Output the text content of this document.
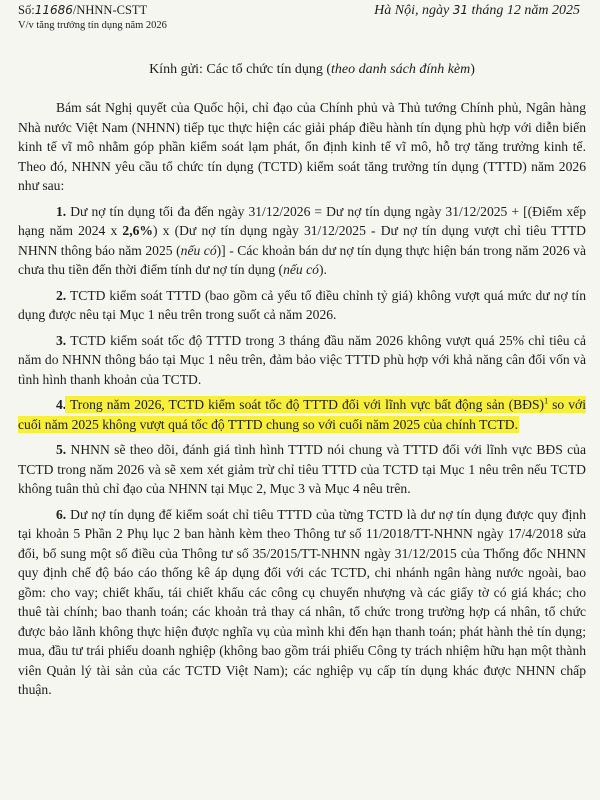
Số:11686/NHNN-CSTT
V/v tăng trưởng tín dụng năm 2026
Hà Nội, ngày 31 tháng 12 năm 2025
Kính gửi: Các tổ chức tín dụng (theo danh sách đính kèm)

Bám sát Nghị quyết của Quốc hội, chỉ đạo của Chính phủ và Thủ tướng Chính phủ, Ngân hàng Nhà nước Việt Nam (NHNN) tiếp tục thực hiện các giải pháp điều hành tín dụng phù hợp với diễn biến kinh tế vĩ mô nhằm góp phần kiểm soát lạm phát, ổn định kinh tế vĩ mô, hỗ trợ tăng trưởng kinh tế. Theo đó, NHNN yêu cầu tổ chức tín dụng (TCTD) kiểm soát tăng trưởng tín dụng (TTTD) năm 2026 như sau:

1. Dư nợ tín dụng tối đa đến ngày 31/12/2026 = Dư nợ tín dụng ngày 31/12/2025 + [(Điểm xếp hạng năm 2024 x 2,6%) x (Dư nợ tín dụng ngày 31/12/2025 - Dư nợ tín dụng vượt chỉ tiêu TTTD NHNN thông báo năm 2025 (nếu có)] - Các khoản bán dư nợ tín dụng thực hiện bán trong năm 2026 và chưa thu tiền đến thời điểm tính dư nợ tín dụng (nếu có).

2. TCTD kiểm soát TTTD (bao gồm cả yếu tố điều chỉnh tỷ giá) không vượt quá mức dư nợ tín dụng được nêu tại Mục 1 nêu trên trong suốt cả năm 2026.

3. TCTD kiểm soát tốc độ TTTD trong 3 tháng đầu năm 2026 không vượt quá 25% chỉ tiêu cả năm do NHNN thông báo tại Mục 1 nêu trên, đảm bảo việc TTTD phù hợp với khả năng cân đối vốn và tình hình thanh khoản của TCTD.

4. Trong năm 2026, TCTD kiểm soát tốc độ TTTD đối với lĩnh vực bất động sản (BĐS)$^1$ so với cuối năm 2025 không vượt quá tốc độ TTTD chung so với cuối năm 2025 của chính TCTD.

5. NHNN sẽ theo dõi, đánh giá tình hình TTTD nói chung và TTTD đối với lĩnh vực BĐS của TCTD trong năm 2026 và sẽ xem xét giảm trừ chỉ tiêu TTTD của TCTD tại Mục 1 nêu trên nếu TCTD không tuân thủ chỉ đạo của NHNN tại Mục 2, Mục 3 và Mục 4 nêu trên.

6. Dư nợ tín dụng để kiểm soát chỉ tiêu TTTD của từng TCTD là dư nợ tín dụng được quy định tại khoản 5 Phần 2 Phụ lục 2 ban hành kèm theo Thông tư số 11/2018/TT-NHNN ngày 17/4/2018 sửa đổi, bổ sung một số điều của Thông tư số 35/2015/TT-NHNN ngày 31/12/2015 của Thống đốc NHNN quy định chế độ báo cáo thống kê áp dụng đối với các TCTD, chi nhánh ngân hàng nước ngoài, bao gồm: cho vay; chiết khấu, tái chiết khấu các công cụ chuyển nhượng và các giấy tờ có giá khác; cho thuê tài chính; bao thanh toán; các khoản trả thay cá nhân, tổ chức trong trường hợp cá nhân, tổ chức được bảo lãnh không thực hiện được nghĩa vụ của mình khi đến hạn thanh toán; phát hành thẻ tín dụng; mua, đầu tư trái phiếu doanh nghiệp (không bao gồm trái phiếu Công ty trách nhiệm hữu hạn một thành viên Quản lý tài sản của các TCTD Việt Nam); các nghiệp vụ cấp tín dụng khác được NHNN chấp thuận.
